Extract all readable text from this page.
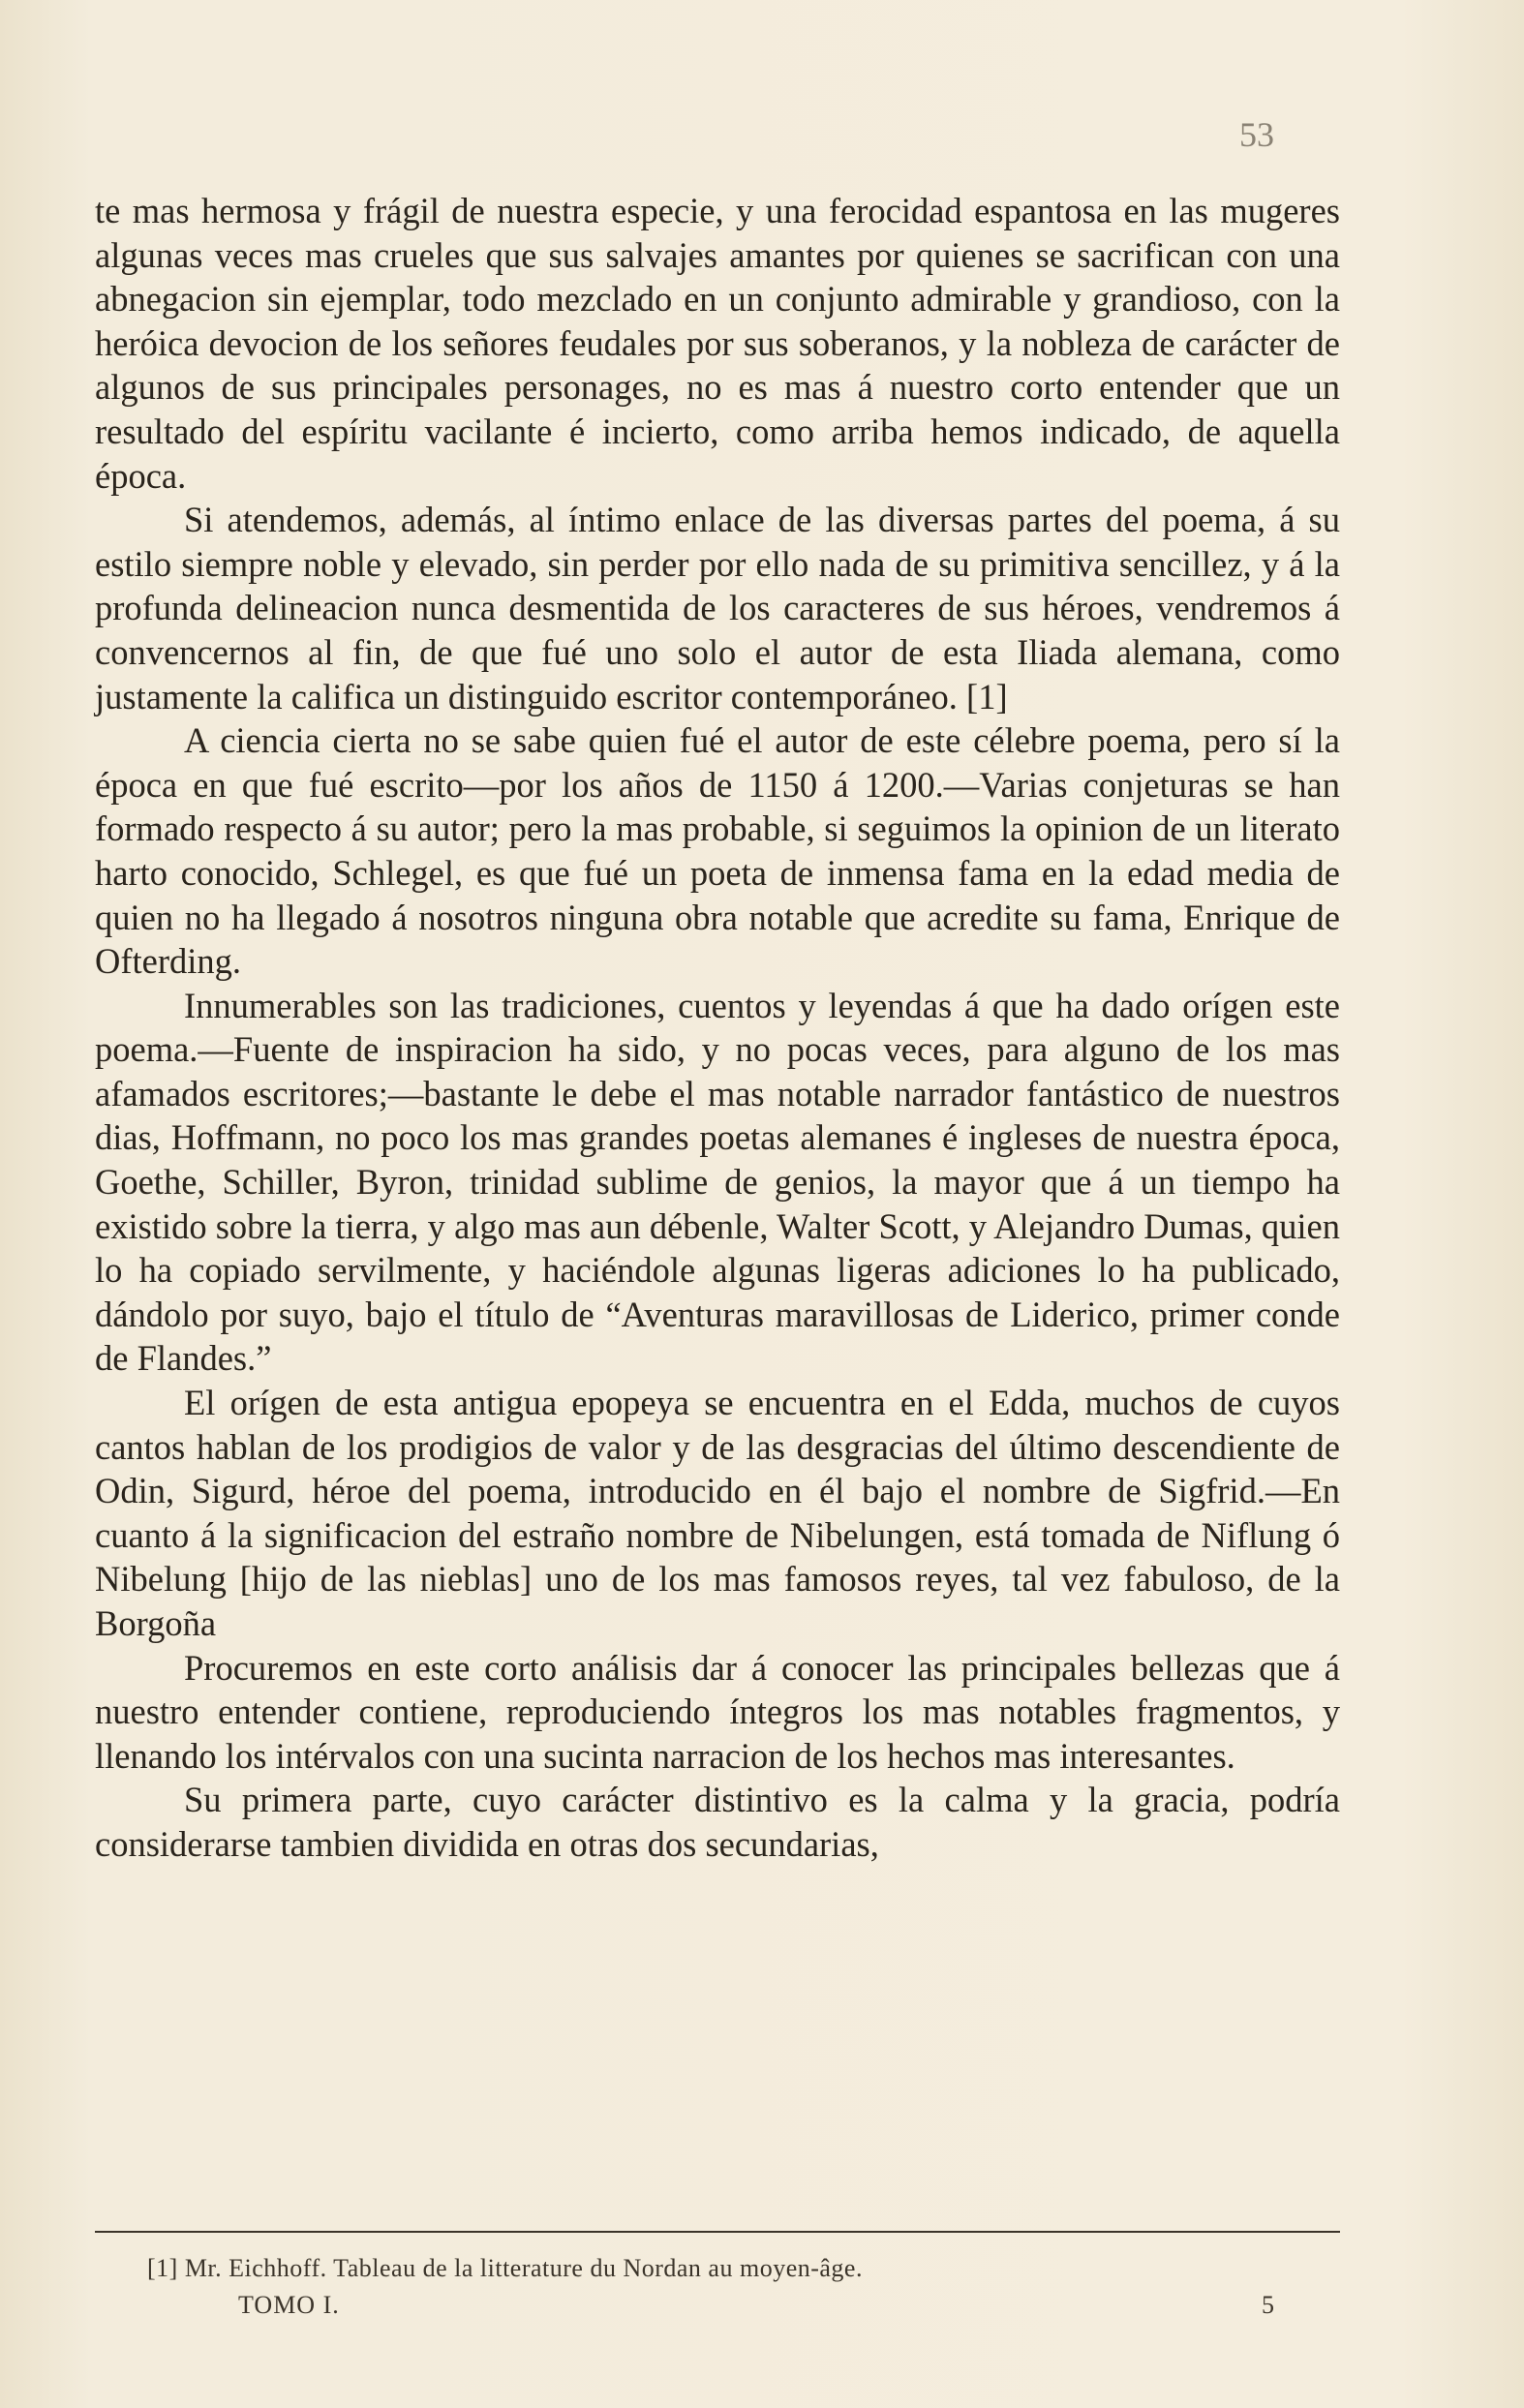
53

te mas hermosa y frágil de nuestra especie, y una ferocidad espantosa en las mugeres algunas veces mas crueles que sus salvajes amantes por quienes se sacrifican con una abnegacion sin ejemplar, todo mezclado en un conjunto admirable y grandioso, con la heróica devocion de los señores feudales por sus soberanos, y la nobleza de carácter de algunos de sus principales personages, no es mas á nuestro corto entender que un resultado del espíritu vacilante é incierto, como arriba hemos indicado, de aquella época.

Si atendemos, además, al íntimo enlace de las diversas partes del poema, á su estilo siempre noble y elevado, sin perder por ello nada de su primitiva sencillez, y á la profunda delineacion nunca desmentida de los caracteres de sus héroes, vendremos á convencernos al fin, de que fué uno solo el autor de esta Iliada alemana, como justamente la califica un distinguido escritor contemporáneo. [1]

A ciencia cierta no se sabe quien fué el autor de este célebre poema, pero sí la época en que fué escrito—por los años de 1150 á 1200.—Varias conjeturas se han formado respecto á su autor; pero la mas probable, si seguimos la opinion de un literato harto conocido, Schlegel, es que fué un poeta de inmensa fama en la edad media de quien no ha llegado á nosotros ninguna obra notable que acredite su fama, Enrique de Ofterding.

Innumerables son las tradiciones, cuentos y leyendas á que ha dado orígen este poema.—Fuente de inspiracion ha sido, y no pocas veces, para alguno de los mas afamados escritores;—bastante le debe el mas notable narrador fantástico de nuestros dias, Hoffmann, no poco los mas grandes poetas alemanes é ingleses de nuestra época, Goethe, Schiller, Byron, trinidad sublime de genios, la mayor que á un tiempo ha existido sobre la tierra, y algo mas aun débenle, Walter Scott, y Alejandro Dumas, quien lo ha copiado servilmente, y haciéndole algunas ligeras adiciones lo ha publicado, dándolo por suyo, bajo el título de “Aventuras maravillosas de Liderico, primer conde de Flandes.”

El orígen de esta antigua epopeya se encuentra en el Edda, muchos de cuyos cantos hablan de los prodigios de valor y de las desgracias del último descendiente de Odin, Sigurd, héroe del poema, introducido en él bajo el nombre de Sigfrid.—En cuanto á la significacion del estraño nombre de Nibelungen, está tomada de Niflung ó Nibelung [hijo de las nieblas] uno de los mas famosos reyes, tal vez fabuloso, de la Borgoña

Procuremos en este corto análisis dar á conocer las principales bellezas que á nuestro entender contiene, reproduciendo íntegros los mas notables fragmentos, y llenando los intérvalos con una sucinta narracion de los hechos mas interesantes.

Su primera parte, cuyo carácter distintivo es la calma y la gracia, podría considerarse tambien dividida en otras dos secundarias,

[1] Mr. Eichhoff. Tableau de la litterature du Nordan au moyen-âge.
TOMO I.	5
